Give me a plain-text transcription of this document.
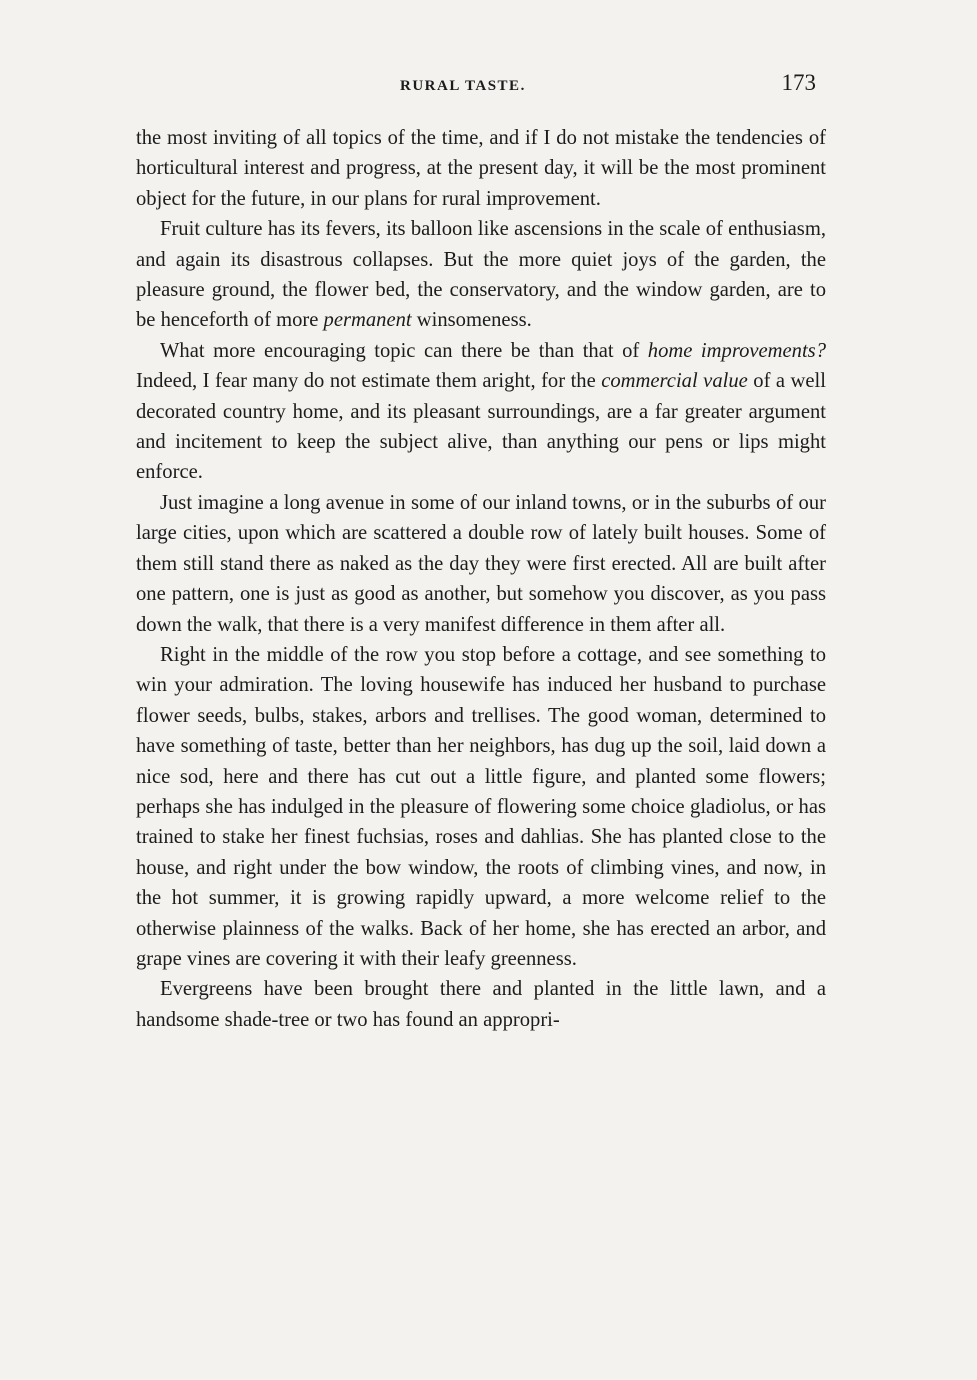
RURAL TASTE.	173

the most inviting of all topics of the time, and if I do not mistake the tendencies of horticultural interest and progress, at the present day, it will be the most prominent object for the future, in our plans for rural improvement.

Fruit culture has its fevers, its balloon like ascensions in the scale of enthusiasm, and again its disastrous collapses. But the more quiet joys of the garden, the pleasure ground, the flower bed, the conservatory, and the window garden, are to be henceforth of more permanent winsomeness.

What more encouraging topic can there be than that of home improvements? Indeed, I fear many do not estimate them aright, for the commercial value of a well decorated country home, and its pleasant surroundings, are a far greater argument and incitement to keep the subject alive, than anything our pens or lips might enforce.

Just imagine a long avenue in some of our inland towns, or in the suburbs of our large cities, upon which are scattered a double row of lately built houses. Some of them still stand there as naked as the day they were first erected. All are built after one pattern, one is just as good as another, but somehow you discover, as you pass down the walk, that there is a very manifest difference in them after all.

Right in the middle of the row you stop before a cottage, and see something to win your admiration. The loving housewife has induced her husband to purchase flower seeds, bulbs, stakes, arbors and trellises. The good woman, determined to have something of taste, better than her neighbors, has dug up the soil, laid down a nice sod, here and there has cut out a little figure, and planted some flowers; perhaps she has indulged in the pleasure of flowering some choice gladiolus, or has trained to stake her finest fuchsias, roses and dahlias. She has planted close to the house, and right under the bow window, the roots of climbing vines, and now, in the hot summer, it is growing rapidly upward, a more welcome relief to the otherwise plainness of the walks. Back of her home, she has erected an arbor, and grape vines are covering it with their leafy greenness.

Evergreens have been brought there and planted in the little lawn, and a handsome shade-tree or two has found an appropri-
